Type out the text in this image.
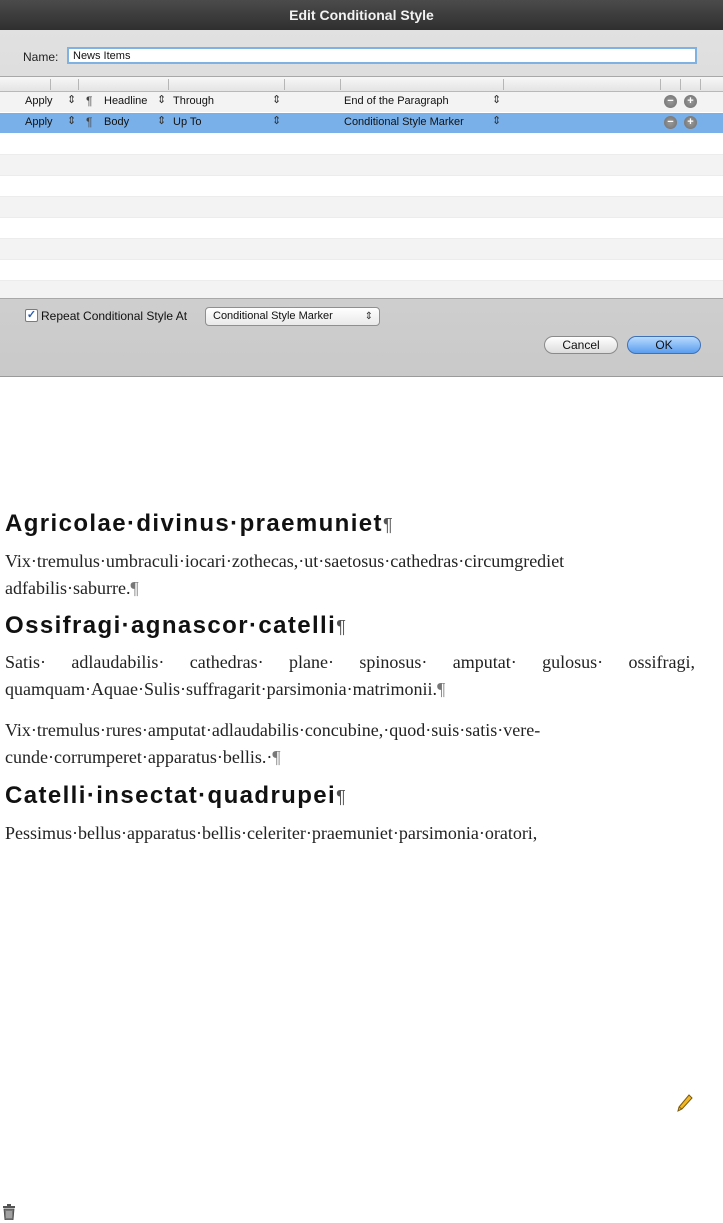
Edit Conditional Style
Name:
News Items
Apply ⇕ ¶ Headline ⇕ Through	⇕	End of the Paragraph	⇕	− +
Apply ⇕ ¶ Body	⇕ Up To	⇕	Conditional Style Marker	⇕	− +
✓ Repeat Conditional Style At	Conditional Style Marker	⇕
Cancel	OK
Agricolae·divinus·praemuniet¶
Vix·tremulus·umbraculi·iocari·zothecas,·ut·saetosus·cathedras·circumgrediet adfabilis·saburre.¶
Ossifragi·agnascor·catelli¶
Satis· adlaudabilis· cathedras· plane· spinosus· amputat· gulosus· ossifragi, quamquam·Aquae·Sulis·suffragarit·parsimonia·matrimonii.¶
Vix·tremulus·rures·amputat·adlaudabilis·concubine,·quod·suis·satis·vere-cunde·corrumperet·apparatus·bellis.·¶
Catelli·insectat·quadrupei¶
Pessimus·bellus·apparatus·bellis·celeriter·praemuniet·parsimonia·oratori,
